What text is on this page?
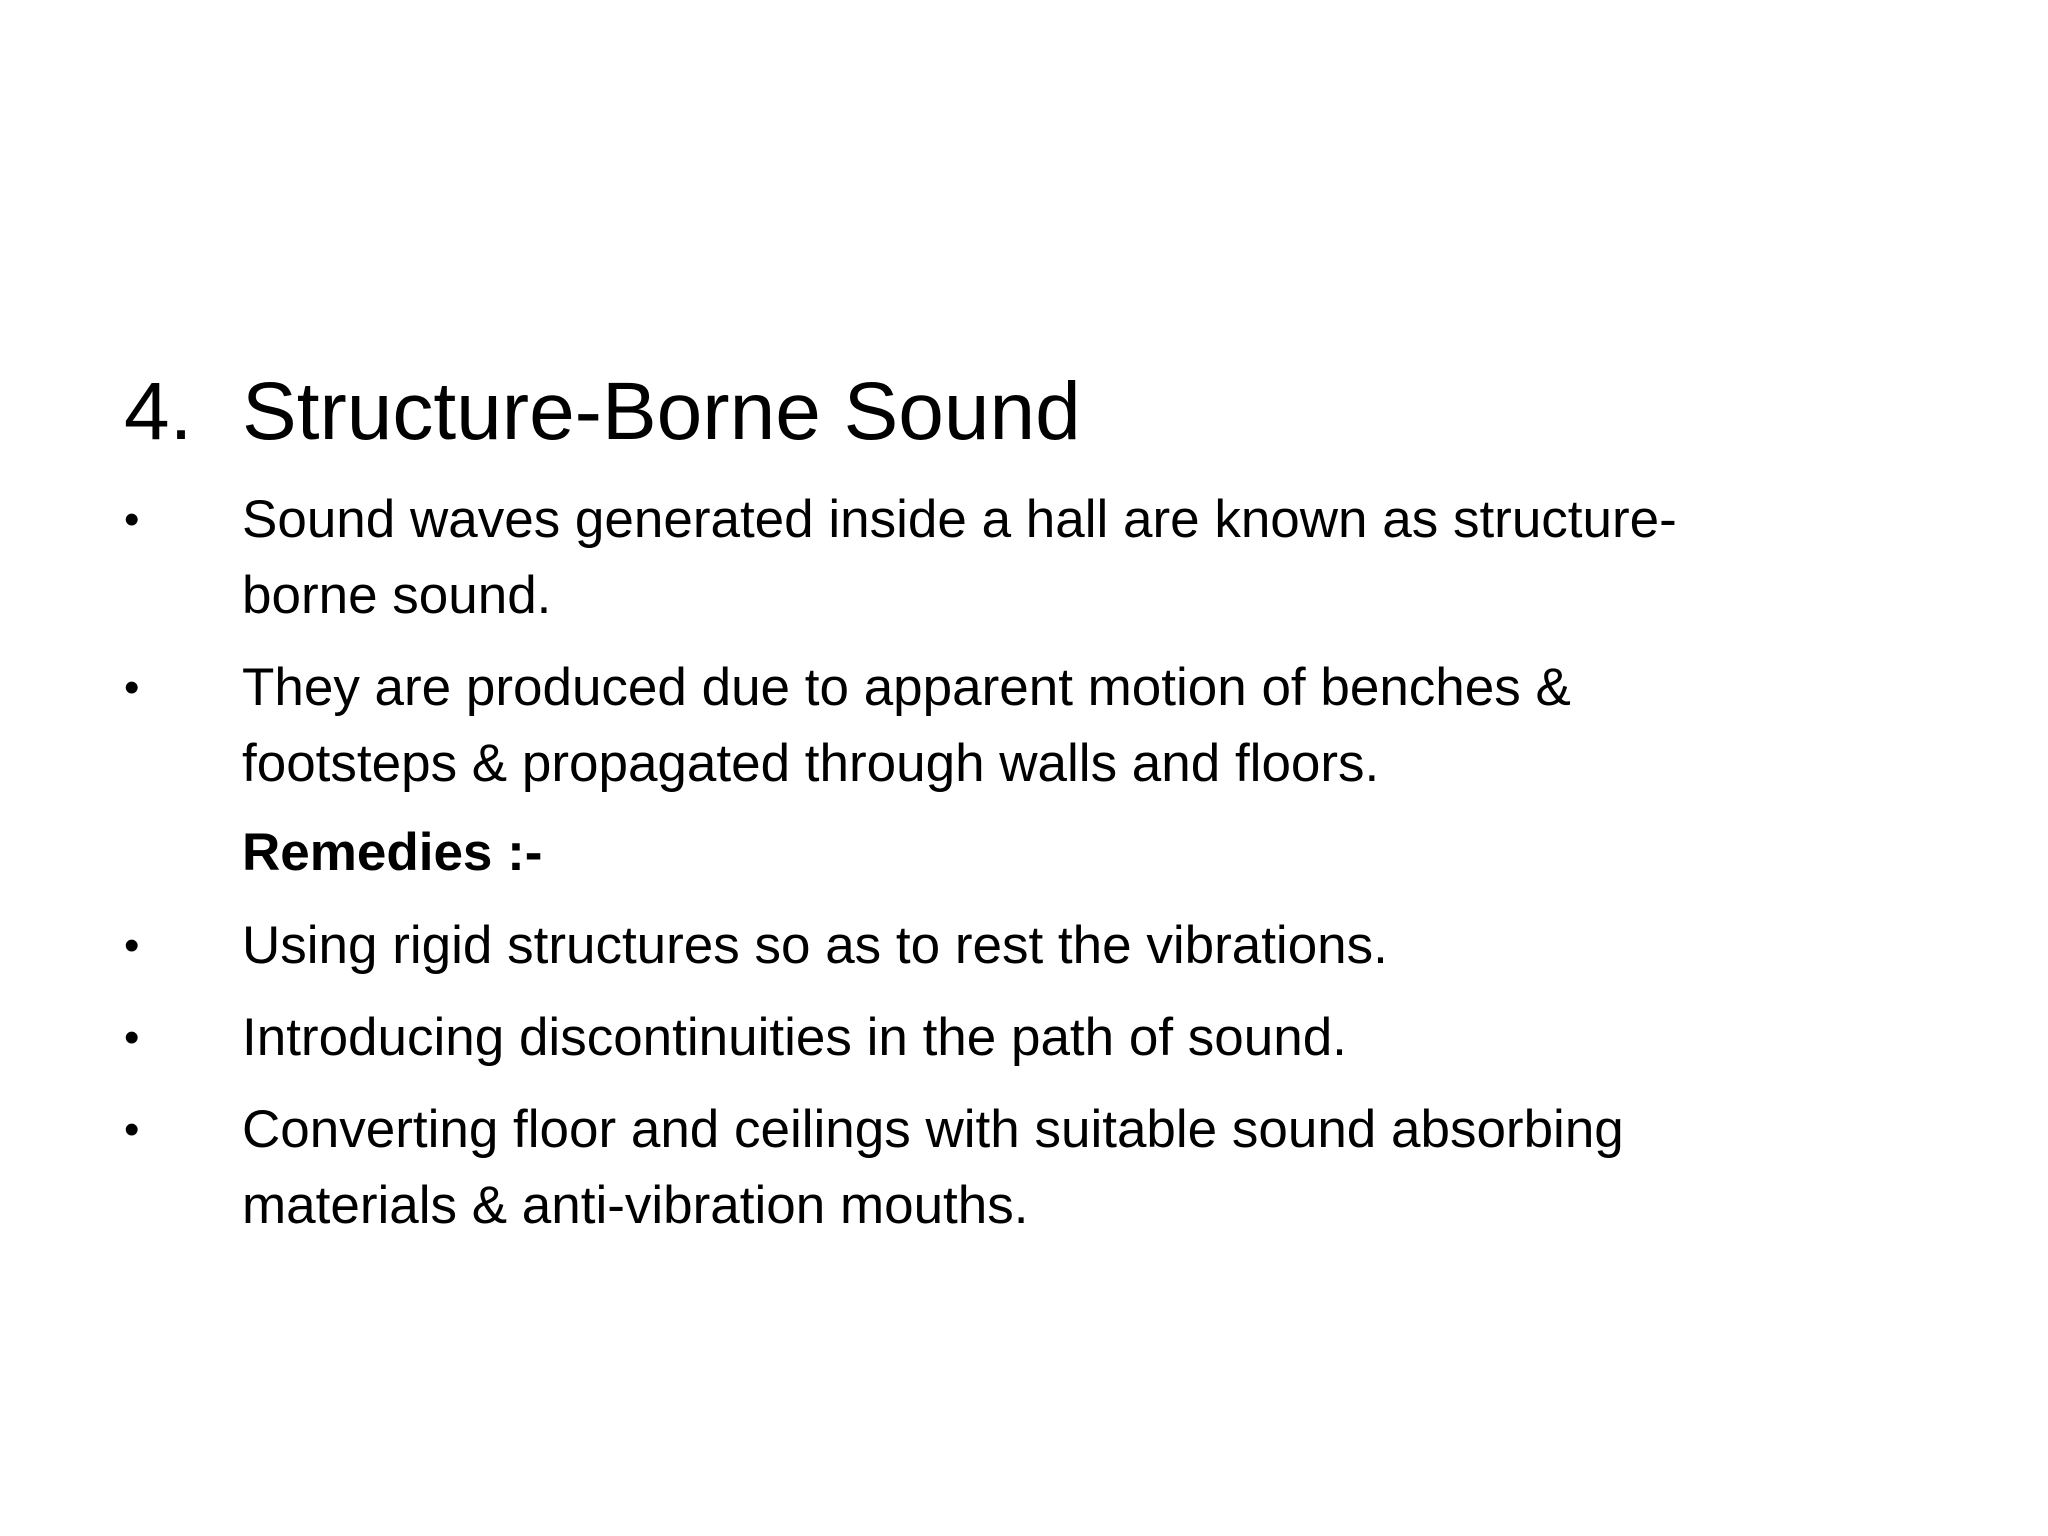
4. Structure-Borne Sound
•	Sound waves generated inside a hall are known as structure-
borne sound.
•	They are produced due to apparent motion of benches &
footsteps & propagated through walls and floors.
Remedies :-
•	Using rigid structures so as to rest the vibrations.
•	Introducing discontinuities in the path of sound.
•	Converting floor and ceilings with suitable sound absorbing
materials & anti-vibration mouths.
